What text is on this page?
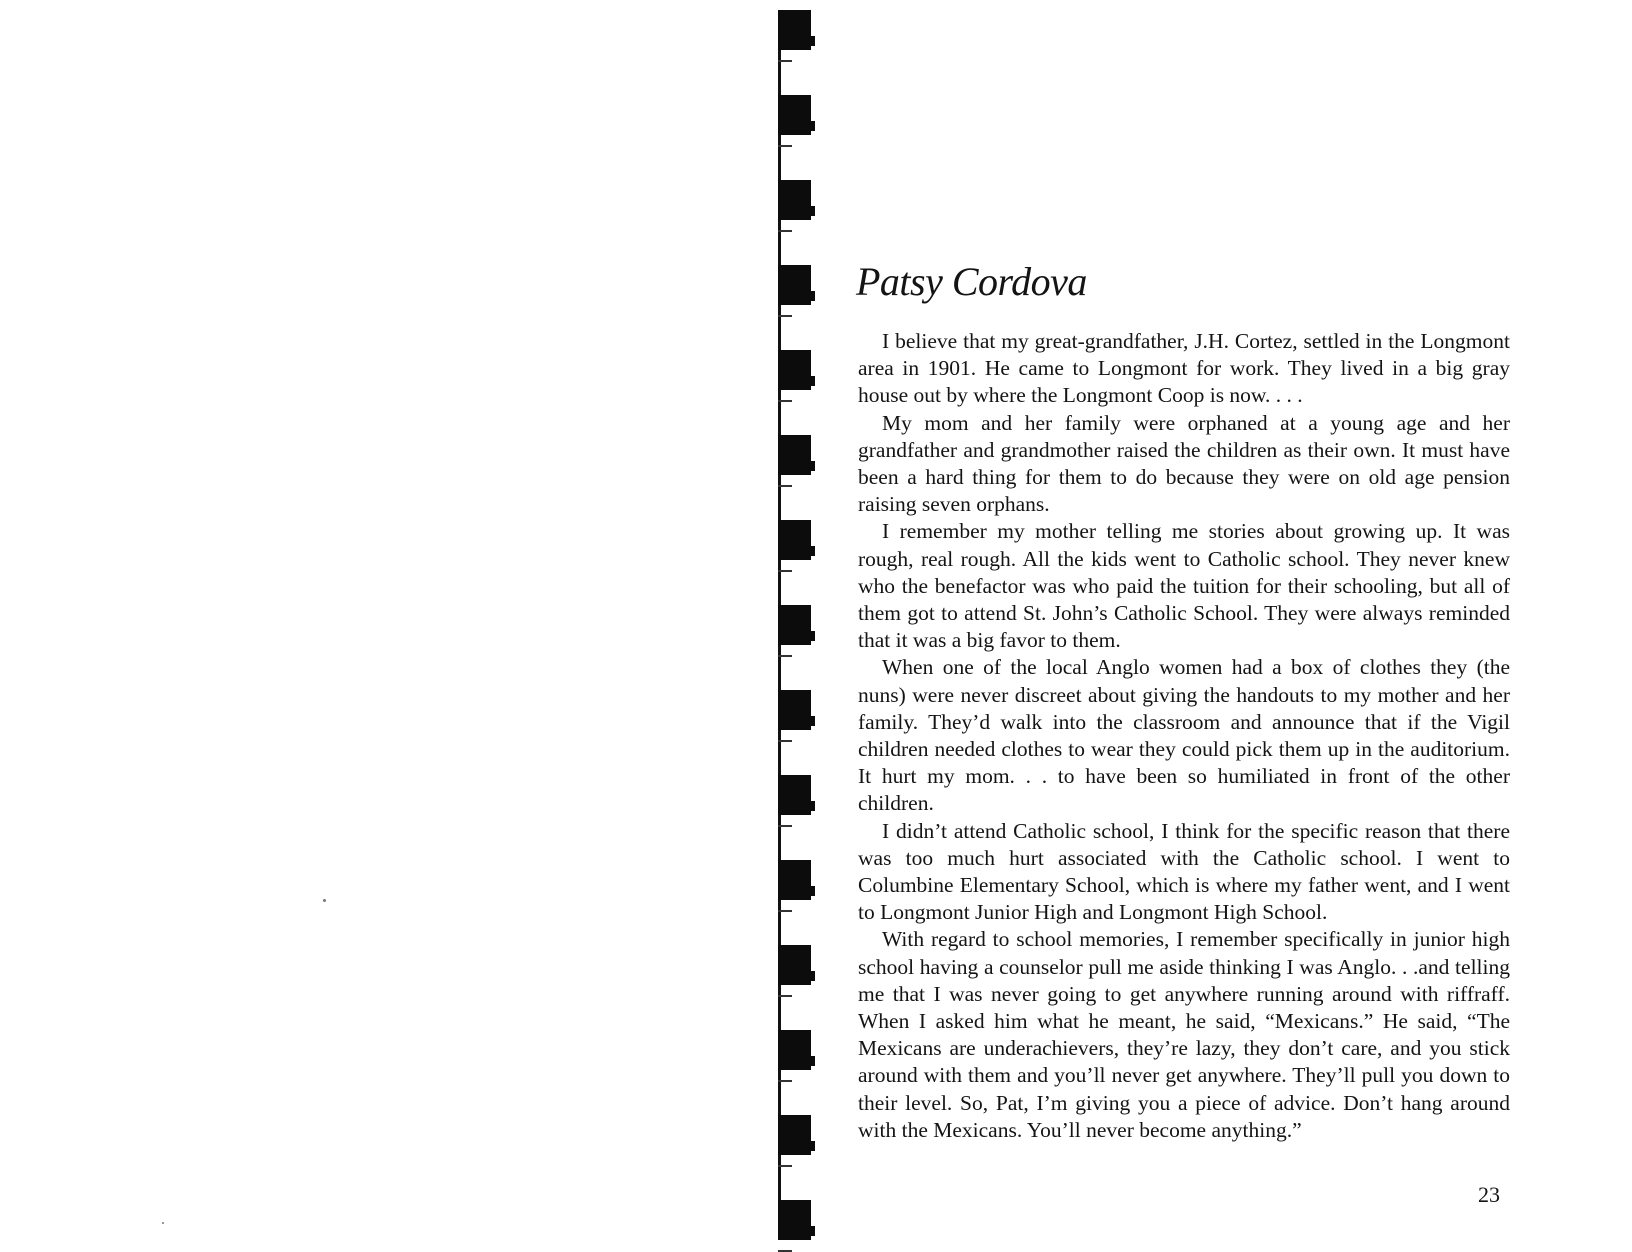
Patsy Cordova

I believe that my great-grandfather, J.H. Cortez, settled in the Longmont area in 1901. He came to Longmont for work. They lived in a big gray house out by where the Longmont Coop is now. . . .

My mom and her family were orphaned at a young age and her grandfather and grandmother raised the children as their own. It must have been a hard thing for them to do because they were on old age pension raising seven orphans.

I remember my mother telling me stories about growing up. It was rough, real rough. All the kids went to Catholic school. They never knew who the benefactor was who paid the tuition for their schooling, but all of them got to attend St. John’s Catholic School. They were always reminded that it was a big favor to them.

When one of the local Anglo women had a box of clothes they (the nuns) were never discreet about giving the handouts to my mother and her family. They’d walk into the classroom and announce that if the Vigil children needed clothes to wear they could pick them up in the auditorium. It hurt my mom. . . to have been so humiliated in front of the other children.

I didn’t attend Catholic school, I think for the specific reason that there was too much hurt associated with the Catholic school. I went to Columbine Elementary School, which is where my father went, and I went to Longmont Junior High and Longmont High School.

With regard to school memories, I remember specifically in junior high school having a counselor pull me aside thinking I was Anglo. . .and telling me that I was never going to get anywhere running around with riffraff. When I asked him what he meant, he said, “Mexicans.” He said, “The Mexicans are underachievers, they’re lazy, they don’t care, and you stick around with them and you’ll never get anywhere. They’ll pull you down to their level. So, Pat, I’m giving you a piece of advice. Don’t hang around with the Mexicans. You’ll never become anything.”

23
